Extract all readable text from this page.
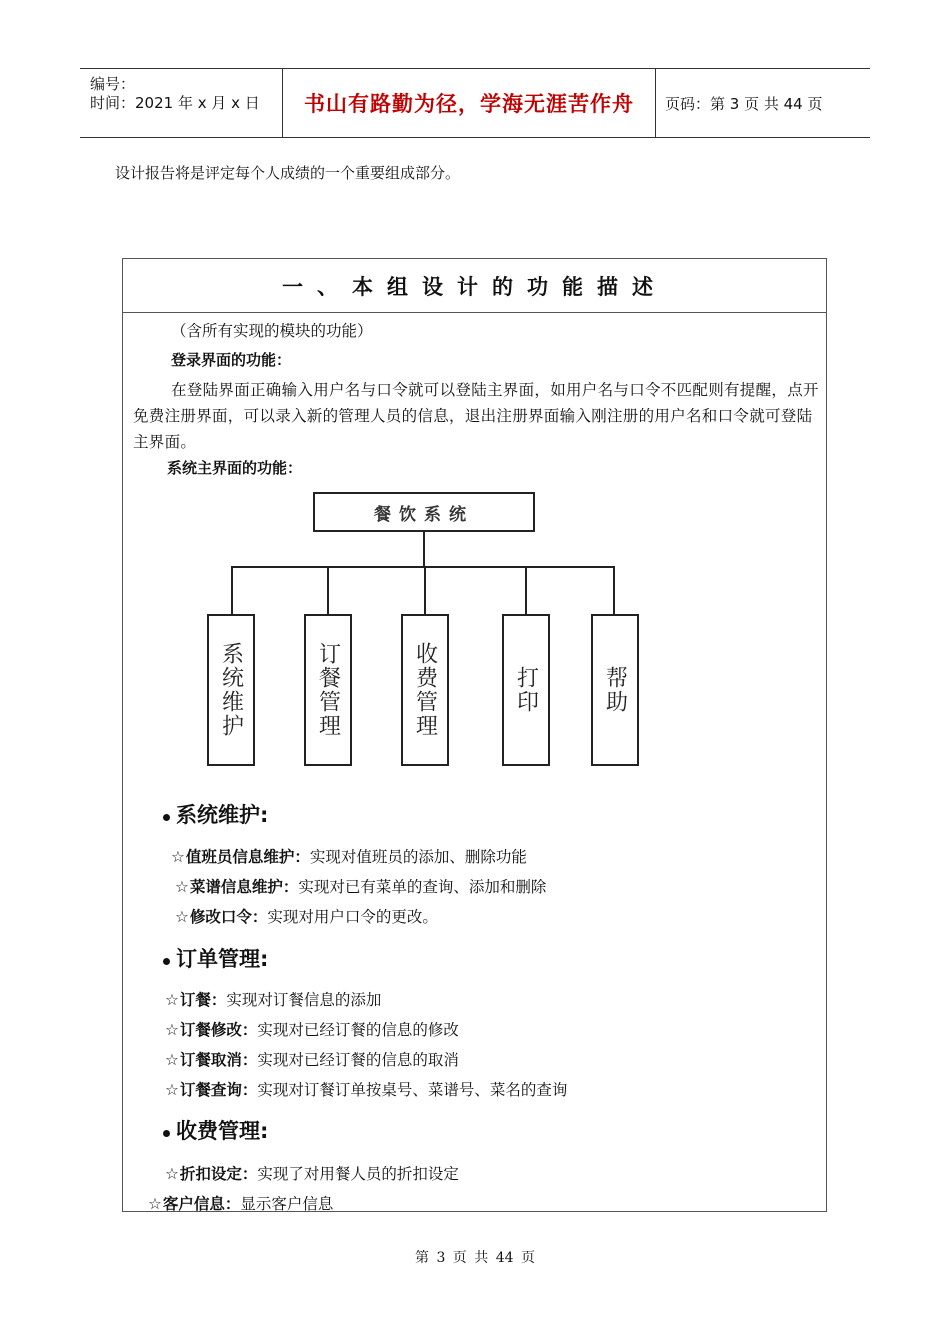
编号：
时间：2021 年 x 月 x 日	书山有路勤为径，学海无涯苦作舟	页码：第 3 页 共 44 页
设计报告将是评定每个人成绩的一个重要组成部分。
一、本组设计的功能描述
（含所有实现的模块的功能）
登录界面的功能：
在登陆界面正确输入用户名与口令就可以登陆主界面，如用户名与口令不匹配则有提醒，点开免费注册界面，可以录入新的管理人员的信息，退出注册界面输入刚注册的用户名和口令就可登陆主界面。
系统主界面的功能：
系统维护:
☆值班员信息维护：实现对值班员的添加、删除功能
☆菜谱信息维护：实现对已有菜单的查询、添加和删除
☆修改口令：实现对用户口令的更改。
订单管理:
☆订餐：实现对订餐信息的添加
☆订餐修改：实现对已经订餐的信息的修改
☆订餐取消：实现对已经订餐的信息的取消
☆订餐查询：实现对订餐订单按桌号、菜谱号、菜名的查询
收费管理:
☆折扣设定：实现了对用餐人员的折扣设定
☆客户信息：显示客户信息
餐饮系统
系统维护	订餐管理	收费管理	打印	帮助
第 3 页 共 44 页
